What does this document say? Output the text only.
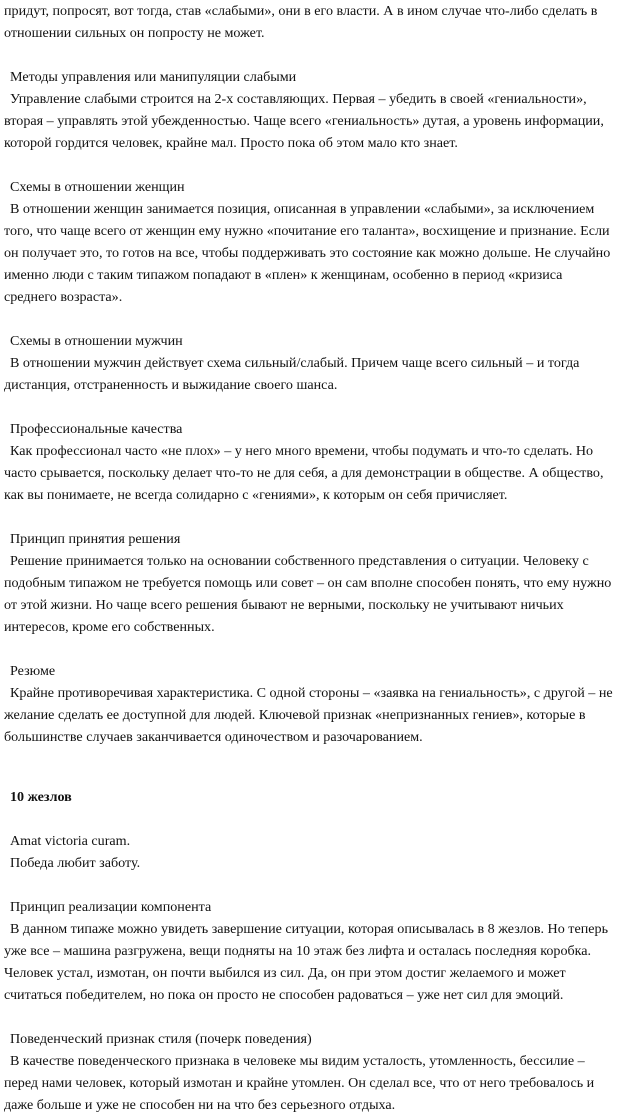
придут, попросят, вот тогда, став «слабыми», они в его власти. А в ином случае что-либо сделать в отношении сильных он попросту не может.

Методы управления или манипуляции слабыми

Управление слабыми строится на 2-х составляющих. Первая – убедить в своей «гениальности», вторая – управлять этой убежденностью. Чаще всего «гениальность» дутая, а уровень информации, которой гордится человек, крайне мал. Просто пока об этом мало кто знает.

Схемы в отношении женщин

В отношении женщин занимается позиция, описанная в управлении «слабыми», за исключением того, что чаще всего от женщин ему нужно «почитание его таланта», восхищение и признание. Если он получает это, то готов на все, чтобы поддерживать это состояние как можно дольше. Не случайно именно люди с таким типажом попадают в «плен» к женщинам, особенно в период «кризиса среднего возраста».

Схемы в отношении мужчин

В отношении мужчин действует схема сильный/слабый. Причем чаще всего сильный – и тогда дистанция, отстраненность и выжидание своего шанса.

Профессиональные качества

Как профессионал часто «не плох» – у него много времени, чтобы подумать и что-то сделать. Но часто срывается, поскольку делает что-то не для себя, а для демонстрации в обществе. А общество, как вы понимаете, не всегда солидарно с «гениями», к которым он себя причисляет.

Принцип принятия решения

Решение принимается только на основании собственного представления о ситуации. Человеку с подобным типажом не требуется помощь или совет – он сам вполне способен понять, что ему нужно от этой жизни. Но чаще всего решения бывают не верными, поскольку не учитывают ничьих интересов, кроме его собственных.

Резюме

Крайне противоречивая характеристика. С одной стороны – «заявка на гениальность», с другой – не желание сделать ее доступной для людей. Ключевой признак «непризнанных гениев», которые в большинстве случаев заканчивается одиночеством и разочарованием.

10 жезлов

Amat victoria curam.

Победа любит заботу.

Принцип реализации компонента

В данном типаже можно увидеть завершение ситуации, которая описывалась в 8 жезлов. Но теперь уже все – машина разгружена, вещи подняты на 10 этаж без лифта и осталась последняя коробка. Человек устал, измотан, он почти выбился из сил. Да, он при этом достиг желаемого и может считаться победителем, но пока он просто не способен радоваться – уже нет сил для эмоций.

Поведенческий признак стиля (почерк поведения)

В качестве поведенческого признака в человеке мы видим усталость, утомленность, бессилие – перед нами человек, который измотан и крайне утомлен. Он сделал все, что от него требовалось и даже больше и уже не способен ни на что без серьезного отдыха.
